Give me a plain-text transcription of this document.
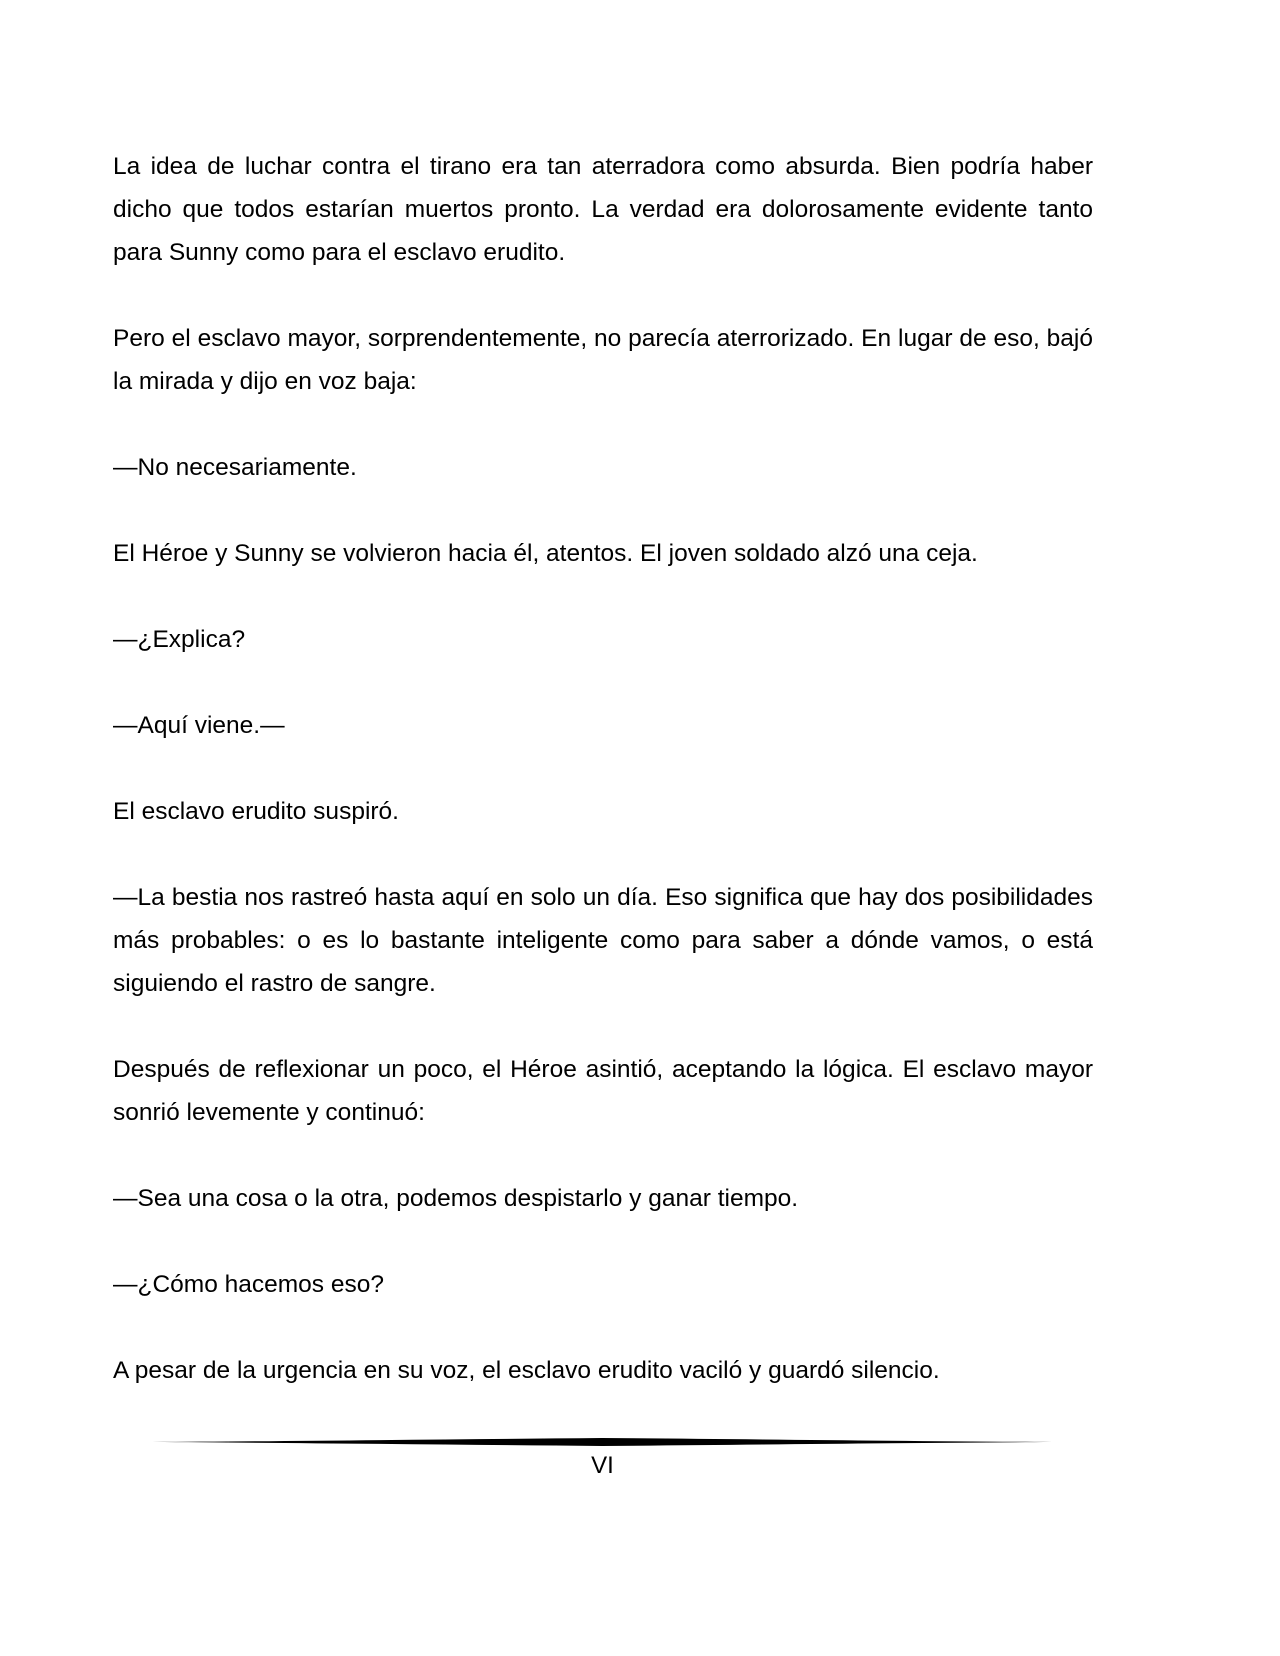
La idea de luchar contra el tirano era tan aterradora como absurda. Bien podría haber dicho que todos estarían muertos pronto. La verdad era dolorosamente evidente tanto para Sunny como para el esclavo erudito.

Pero el esclavo mayor, sorprendentemente, no parecía aterrorizado. En lugar de eso, bajó la mirada y dijo en voz baja:

—No necesariamente.

El Héroe y Sunny se volvieron hacia él, atentos. El joven soldado alzó una ceja.

—¿Explica?

—Aquí viene.—

El esclavo erudito suspiró.

—La bestia nos rastreó hasta aquí en solo un día. Eso significa que hay dos posibilidades más probables: o es lo bastante inteligente como para saber a dónde vamos, o está siguiendo el rastro de sangre.

Después de reflexionar un poco, el Héroe asintió, aceptando la lógica. El esclavo mayor sonrió levemente y continuó:

—Sea una cosa o la otra, podemos despistarlo y ganar tiempo.

—¿Cómo hacemos eso?

A pesar de la urgencia en su voz, el esclavo erudito vaciló y guardó silencio.

VI
